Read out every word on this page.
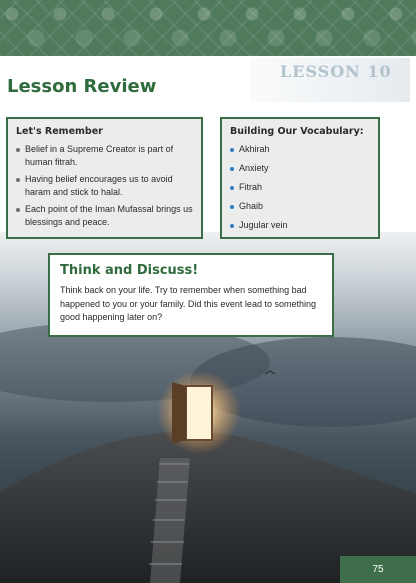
LESSON 10
Lesson Review
Let's Remember
Belief in a Supreme Creator is part of human fitrah.
Having belief encourages us to avoid haram and stick to halal.
Each point of the Iman Mufassal brings us blessings and peace.
Building Our Vocabulary:
Akhirah
Anxiety
Fitrah
Ghaib
Jugular vein
Think and Discuss!

Think back on your life. Try to remember when something bad happened to you or your family. Did this event lead to something good happening later on?

75
